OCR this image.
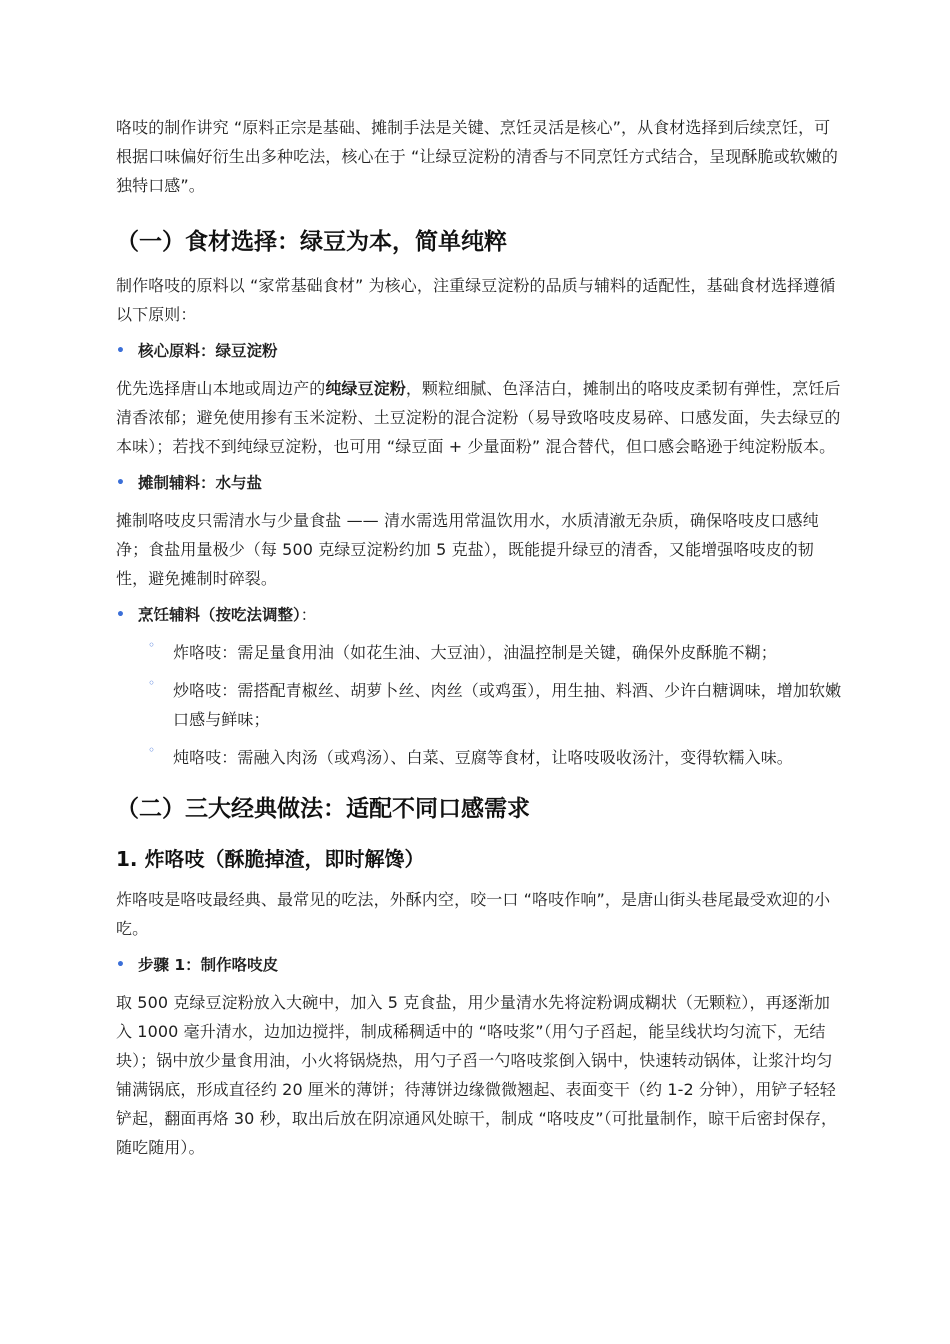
咯吱的制作讲究 “原料正宗是基础、摊制手法是关键、烹饪灵活是核心”，从食材选择到后续烹饪，可根据口味偏好衍生出多种吃法，核心在于 “让绿豆淀粉的清香与不同烹饪方式结合，呈现酥脆或软嫩的独特口感”。

（一）食材选择：绿豆为本，简单纯粹

制作咯吱的原料以 “家常基础食材” 为核心，注重绿豆淀粉的品质与辅料的适配性，基础食材选择遵循以下原则：

• 核心原料：绿豆淀粉

优先选择唐山本地或周边产的纯绿豆淀粉，颗粒细腻、色泽洁白，摊制出的咯吱皮柔韧有弹性，烹饪后清香浓郁；避免使用掺有玉米淀粉、土豆淀粉的混合淀粉（易导致咯吱皮易碎、口感发面，失去绿豆的本味）；若找不到纯绿豆淀粉，也可用 “绿豆面 + 少量面粉” 混合替代，但口感会略逊于纯淀粉版本。

• 摊制辅料：水与盐

摊制咯吱皮只需清水与少量食盐 —— 清水需选用常温饮用水，水质清澈无杂质，确保咯吱皮口感纯净；食盐用量极少（每 500 克绿豆淀粉约加 5 克盐），既能提升绿豆的清香，又能增强咯吱皮的韧性，避免摊制时碎裂。

• 烹饪辅料（按吃法调整）：
◦ 炸咯吱：需足量食用油（如花生油、大豆油），油温控制是关键，确保外皮酥脆不糊；

◦ 炒咯吱：需搭配青椒丝、胡萝卜丝、肉丝（或鸡蛋），用生抽、料酒、少许白糖调味，增加软嫩口感与鲜味；

◦ 炖咯吱：需融入肉汤（或鸡汤）、白菜、豆腐等食材，让咯吱吸收汤汁，变得软糯入味。

（二）三大经典做法：适配不同口感需求
1. 炸咯吱（酥脆掉渣，即时解馋）

炸咯吱是咯吱最经典、最常见的吃法，外酥内空，咬一口 “咯吱作响”，是唐山街头巷尾最受欢迎的小吃。

• 步骤 1：制作咯吱皮

取 500 克绿豆淀粉放入大碗中，加入 5 克食盐，用少量清水先将淀粉调成糊状（无颗粒），再逐渐加入 1000 毫升清水，边加边搅拌，制成稀稠适中的 “咯吱浆”（用勺子舀起，能呈线状均匀流下，无结块）；锅中放少量食用油，小火将锅烧热，用勺子舀一勺咯吱浆倒入锅中，快速转动锅体，让浆汁均匀铺满锅底，形成直径约 20 厘米的薄饼；待薄饼边缘微微翘起、表面变干（约 1-2 分钟），用铲子轻轻铲起，翻面再烙 30 秒，取出后放在阴凉通风处晾干，制成 “咯吱皮”（可批量制作，晾干后密封保存，随吃随用）。
